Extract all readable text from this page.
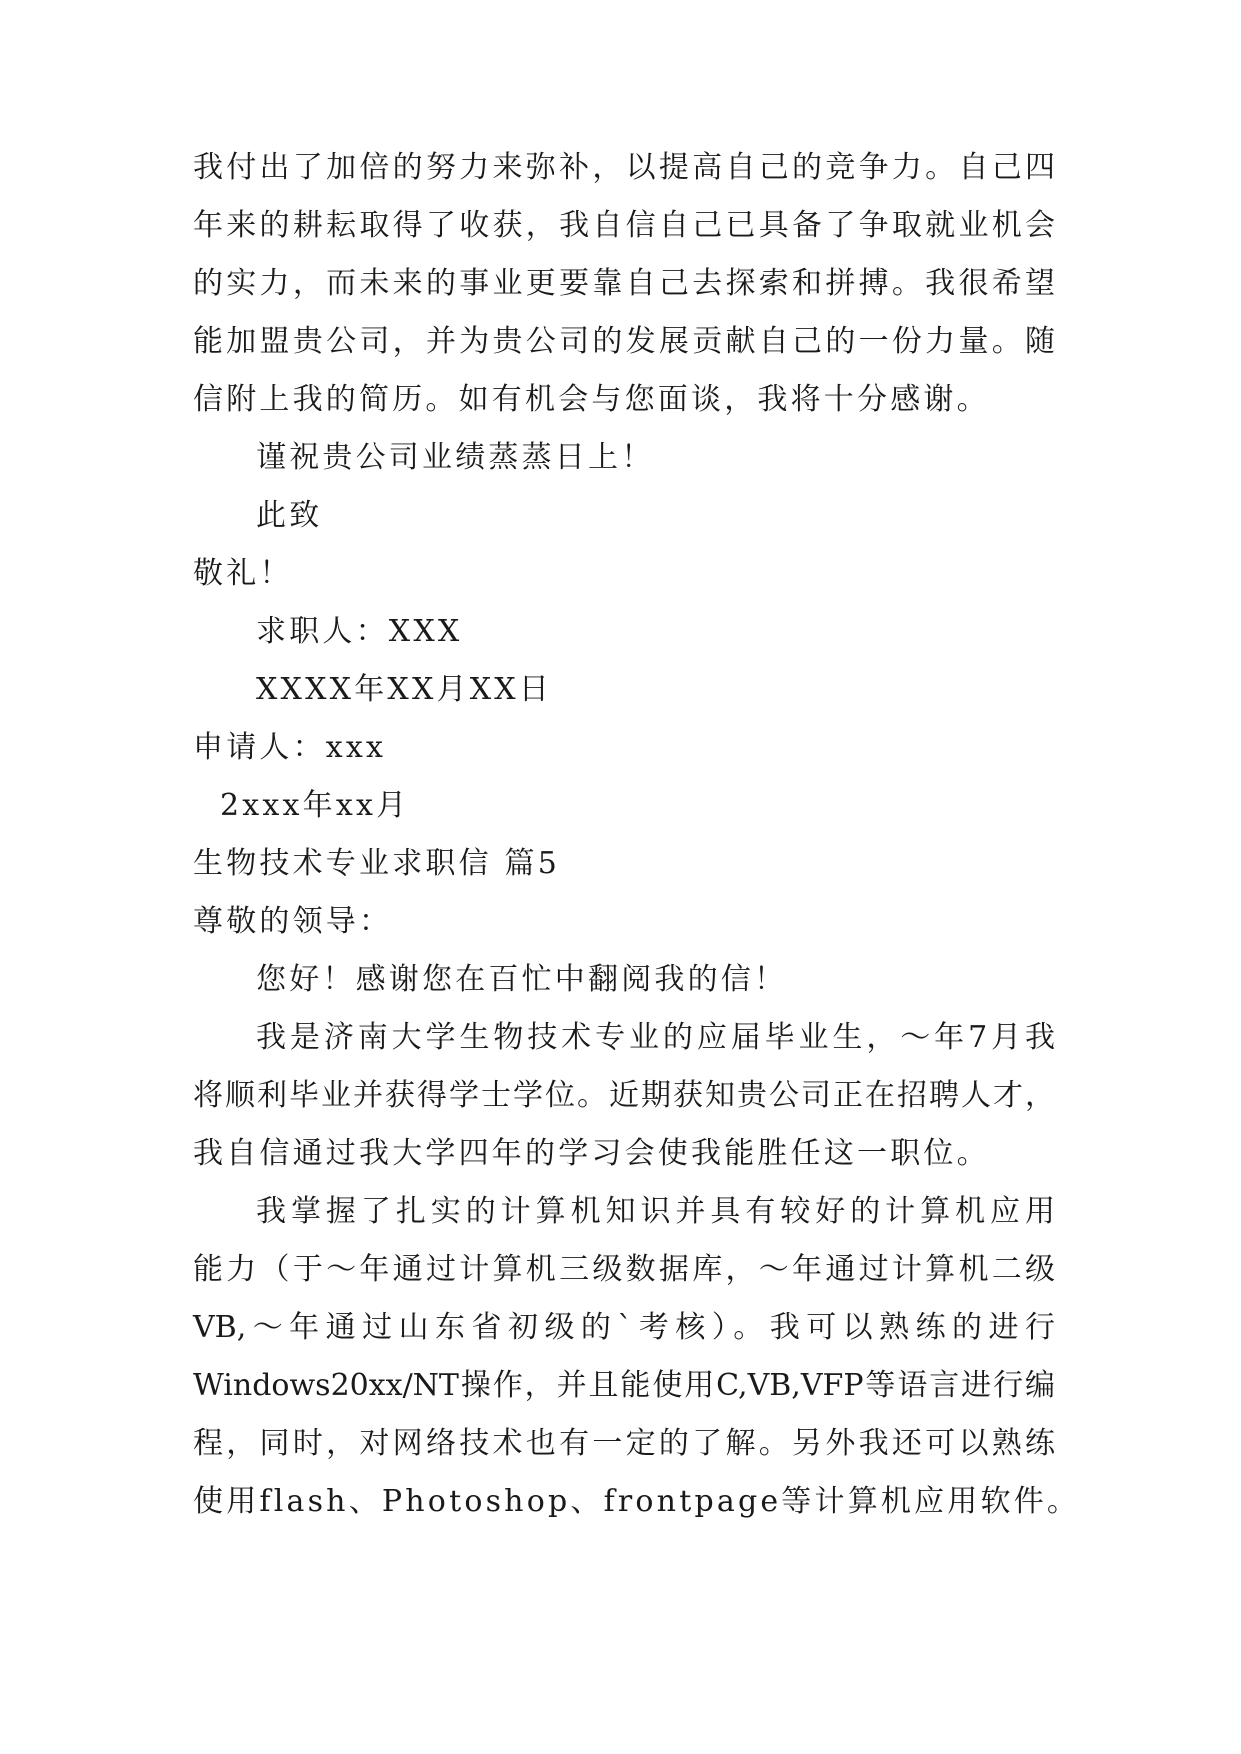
我付出了加倍的努力来弥补，以提高自己的竞争力。自己四
年来的耕耘取得了收获，我自信自己已具备了争取就业机会
的实力，而未来的事业更要靠自己去探索和拼搏。我很希望
能加盟贵公司，并为贵公司的发展贡献自己的一份力量。随
信附上我的简历。如有机会与您面谈，我将十分感谢。
谨祝贵公司业绩蒸蒸日上！
此致
敬礼！
求职人：XXX
XXXX年XX月XX日
申请人：xxx
2xxx年xx月
生物技术专业求职信 篇5
尊敬的领导：
您好！感谢您在百忙中翻阅我的信！
我是济南大学生物技术专业的应届毕业生，～年7月我
将顺利毕业并获得学士学位。近期获知贵公司正在招聘人才，
我自信通过我大学四年的学习会使我能胜任这一职位。
我掌握了扎实的计算机知识并具有较好的计算机应用
能力（于～年通过计算机三级数据库，～年通过计算机二级
VB,～年通过山东省初级的`考核）。我可以熟练的进行
Windows20xx/NT操作，并且能使用C,VB,VFP等语言进行编
程，同时，对网络技术也有一定的了解。另外我还可以熟练
使用flash、Photoshop、frontpage等计算机应用软件。
